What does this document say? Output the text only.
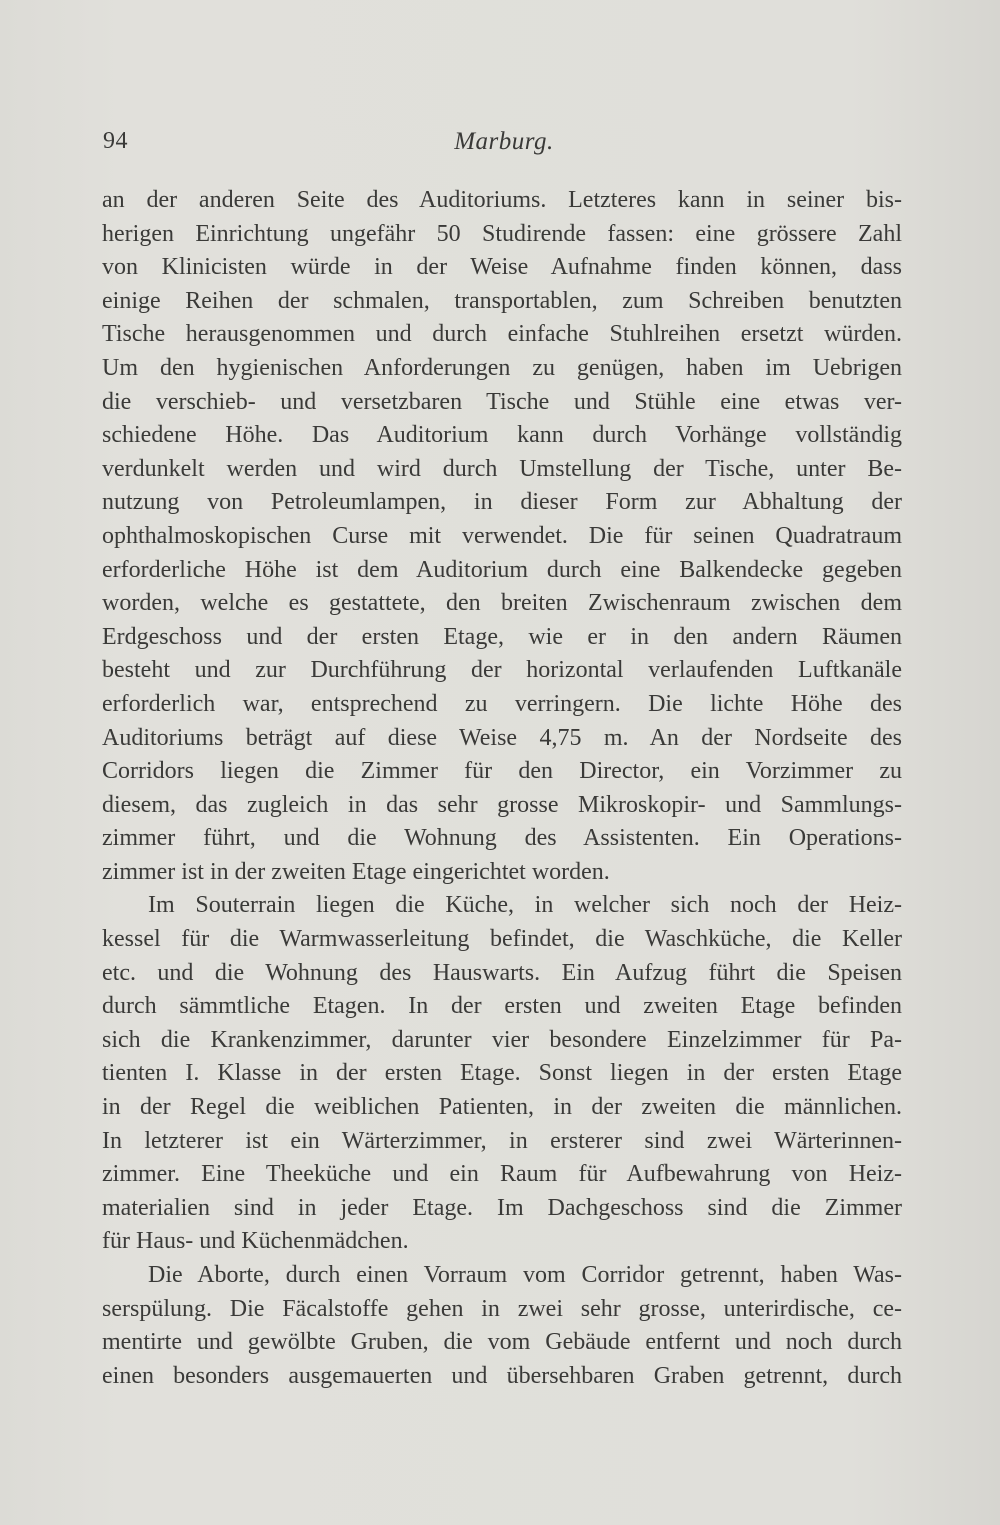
94	Marburg.
an der anderen Seite des Auditoriums. Letzteres kann in seiner bis-
herigen Einrichtung ungefähr 50 Studirende fassen: eine grössere Zahl
von Klinicisten würde in der Weise Aufnahme finden können, dass
einige Reihen der schmalen, transportablen, zum Schreiben benutzten
Tische herausgenommen und durch einfache Stuhlreihen ersetzt würden.
Um den hygienischen Anforderungen zu genügen, haben im Uebrigen
die verschieb- und versetzbaren Tische und Stühle eine etwas ver-
schiedene Höhe. Das Auditorium kann durch Vorhänge vollständig
verdunkelt werden und wird durch Umstellung der Tische, unter Be-
nutzung von Petroleumlampen, in dieser Form zur Abhaltung der
ophthalmoskopischen Curse mit verwendet. Die für seinen Quadratraum
erforderliche Höhe ist dem Auditorium durch eine Balkendecke gegeben
worden, welche es gestattete, den breiten Zwischenraum zwischen dem
Erdgeschoss und der ersten Etage, wie er in den andern Räumen
besteht und zur Durchführung der horizontal verlaufenden Luftkanäle
erforderlich war, entsprechend zu verringern. Die lichte Höhe des
Auditoriums beträgt auf diese Weise 4,75 m. An der Nordseite des
Corridors liegen die Zimmer für den Director, ein Vorzimmer zu
diesem, das zugleich in das sehr grosse Mikroskopir- und Sammlungs-
zimmer führt, und die Wohnung des Assistenten. Ein Operations-
zimmer ist in der zweiten Etage eingerichtet worden.
Im Souterrain liegen die Küche, in welcher sich noch der Heiz-
kessel für die Warmwasserleitung befindet, die Waschküche, die Keller
etc. und die Wohnung des Hauswarts. Ein Aufzug führt die Speisen
durch sämmtliche Etagen. In der ersten und zweiten Etage befinden
sich die Krankenzimmer, darunter vier besondere Einzelzimmer für Pa-
tienten I. Klasse in der ersten Etage. Sonst liegen in der ersten Etage
in der Regel die weiblichen Patienten, in der zweiten die männlichen.
In letzterer ist ein Wärterzimmer, in ersterer sind zwei Wärterinnen-
zimmer. Eine Theeküche und ein Raum für Aufbewahrung von Heiz-
materialien sind in jeder Etage. Im Dachgeschoss sind die Zimmer
für Haus- und Küchenmädchen.
Die Aborte, durch einen Vorraum vom Corridor getrennt, haben Was-
serspülung. Die Fäcalstoffe gehen in zwei sehr grosse, unterirdische, ce-
mentirte und gewölbte Gruben, die vom Gebäude entfernt und noch durch
einen besonders ausgemauerten und übersehbaren Graben getrennt, durch
